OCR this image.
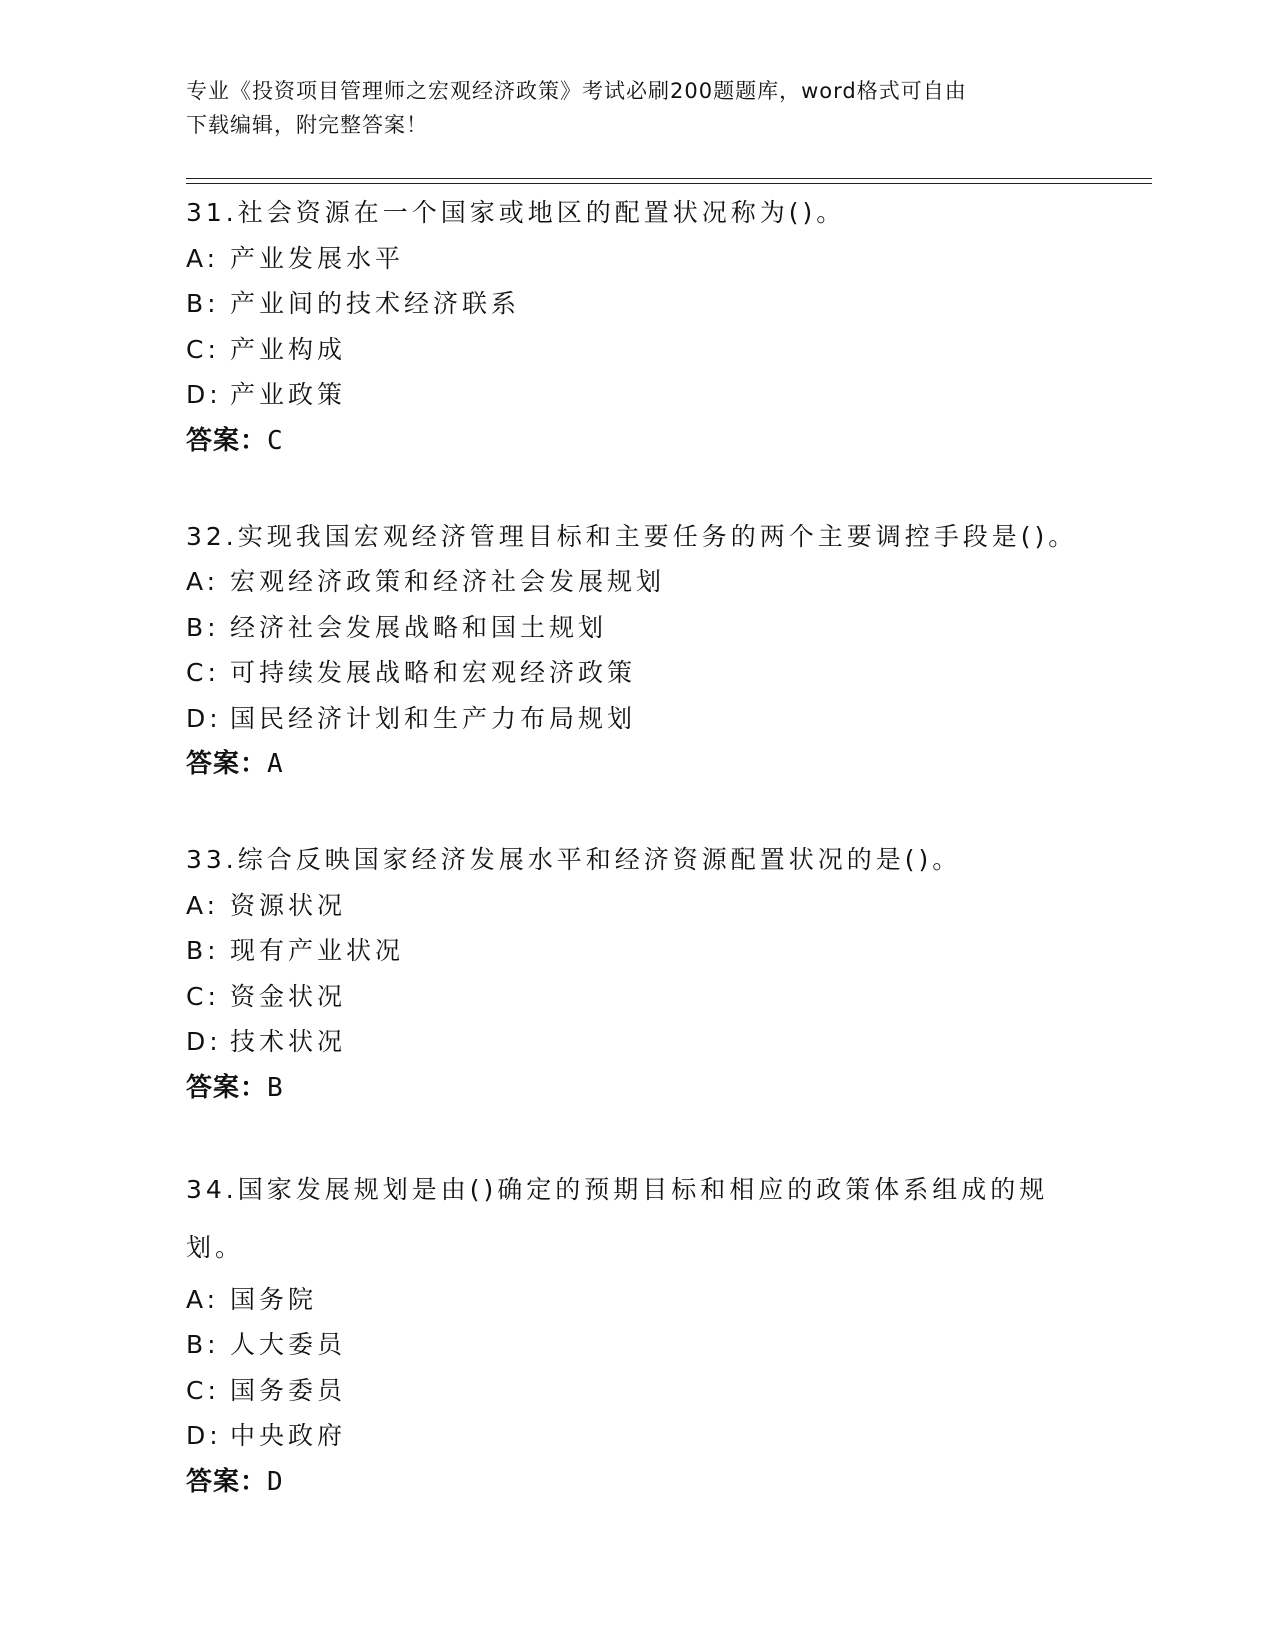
专业《投资项目管理师之宏观经济政策》考试必刷200题题库，word格式可自由
下载编辑，附完整答案！
31.社会资源在一个国家或地区的配置状况称为()。
A: 产业发展水平
B: 产业间的技术经济联系
C: 产业构成
D: 产业政策
答案：C
32.实现我国宏观经济管理目标和主要任务的两个主要调控手段是()。
A: 宏观经济政策和经济社会发展规划
B: 经济社会发展战略和国土规划
C: 可持续发展战略和宏观经济政策
D: 国民经济计划和生产力布局规划
答案：A
33.综合反映国家经济发展水平和经济资源配置状况的是()。
A: 资源状况
B: 现有产业状况
C: 资金状况
D: 技术状况
答案：B
34.国家发展规划是由()确定的预期目标和相应的政策体系组成的规划。
A: 国务院
B: 人大委员
C: 国务委员
D: 中央政府
答案：D
